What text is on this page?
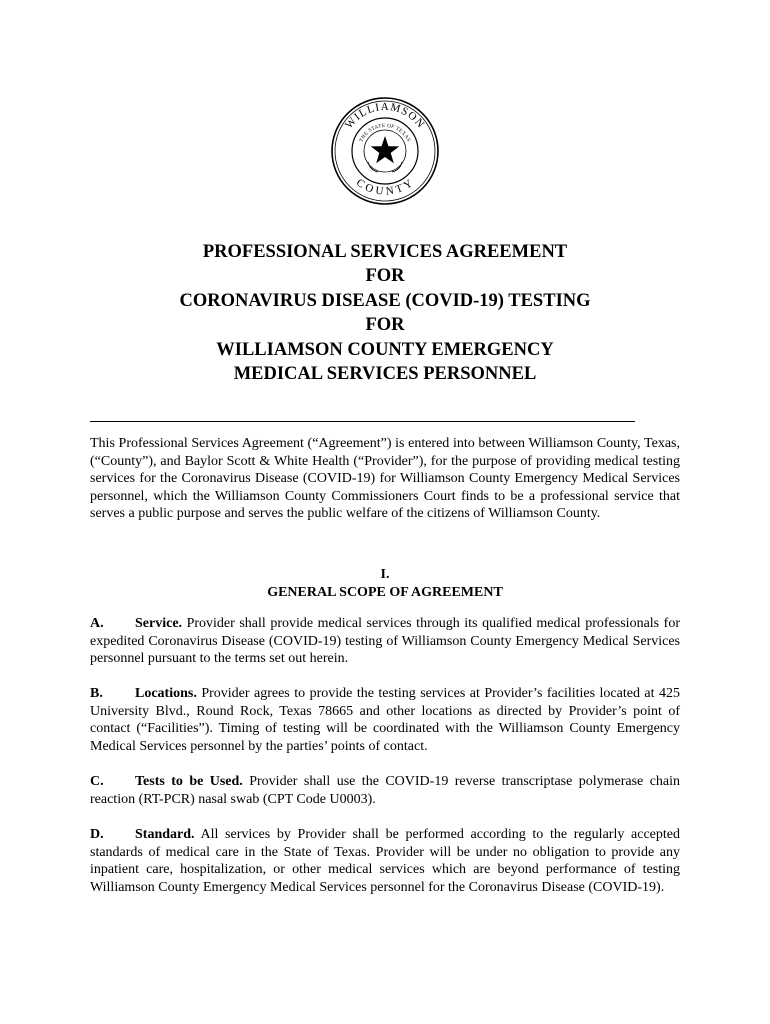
WILLIAMSON
COUNTY
THE STATE OF TEXAS
PROFESSIONAL SERVICES AGREEMENT
FOR
CORONAVIRUS DISEASE (COVID-19) TESTING
FOR
WILLIAMSON COUNTY EMERGENCY
MEDICAL SERVICES PERSONNEL
This Professional Services Agreement (“Agreement”) is entered into between Williamson County, Texas, (“County”), and Baylor Scott & White Health (“Provider”), for the purpose of providing medical testing services for the Coronavirus Disease (COVID-19) for Williamson County Emergency Medical Services personnel, which the Williamson County Commissioners Court finds to be a professional service that serves a public purpose and serves the public welfare of the citizens of Williamson County.
I.
GENERAL SCOPE OF AGREEMENT
A. Service. Provider shall provide medical services through its qualified medical professionals for expedited Coronavirus Disease (COVID-19) testing of Williamson County Emergency Medical Services personnel pursuant to the terms set out herein.
B. Locations. Provider agrees to provide the testing services at Provider’s facilities located at 425 University Blvd., Round Rock, Texas 78665 and other locations as directed by Provider’s point of contact (“Facilities”). Timing of testing will be coordinated with the Williamson County Emergency Medical Services personnel by the parties’ points of contact.
C. Tests to be Used. Provider shall use the COVID-19 reverse transcriptase polymerase chain reaction (RT-PCR) nasal swab (CPT Code U0003).
D. Standard. All services by Provider shall be performed according to the regularly accepted standards of medical care in the State of Texas. Provider will be under no obligation to provide any inpatient care, hospitalization, or other medical services which are beyond performance of testing Williamson County Emergency Medical Services personnel for the Coronavirus Disease (COVID-19).
